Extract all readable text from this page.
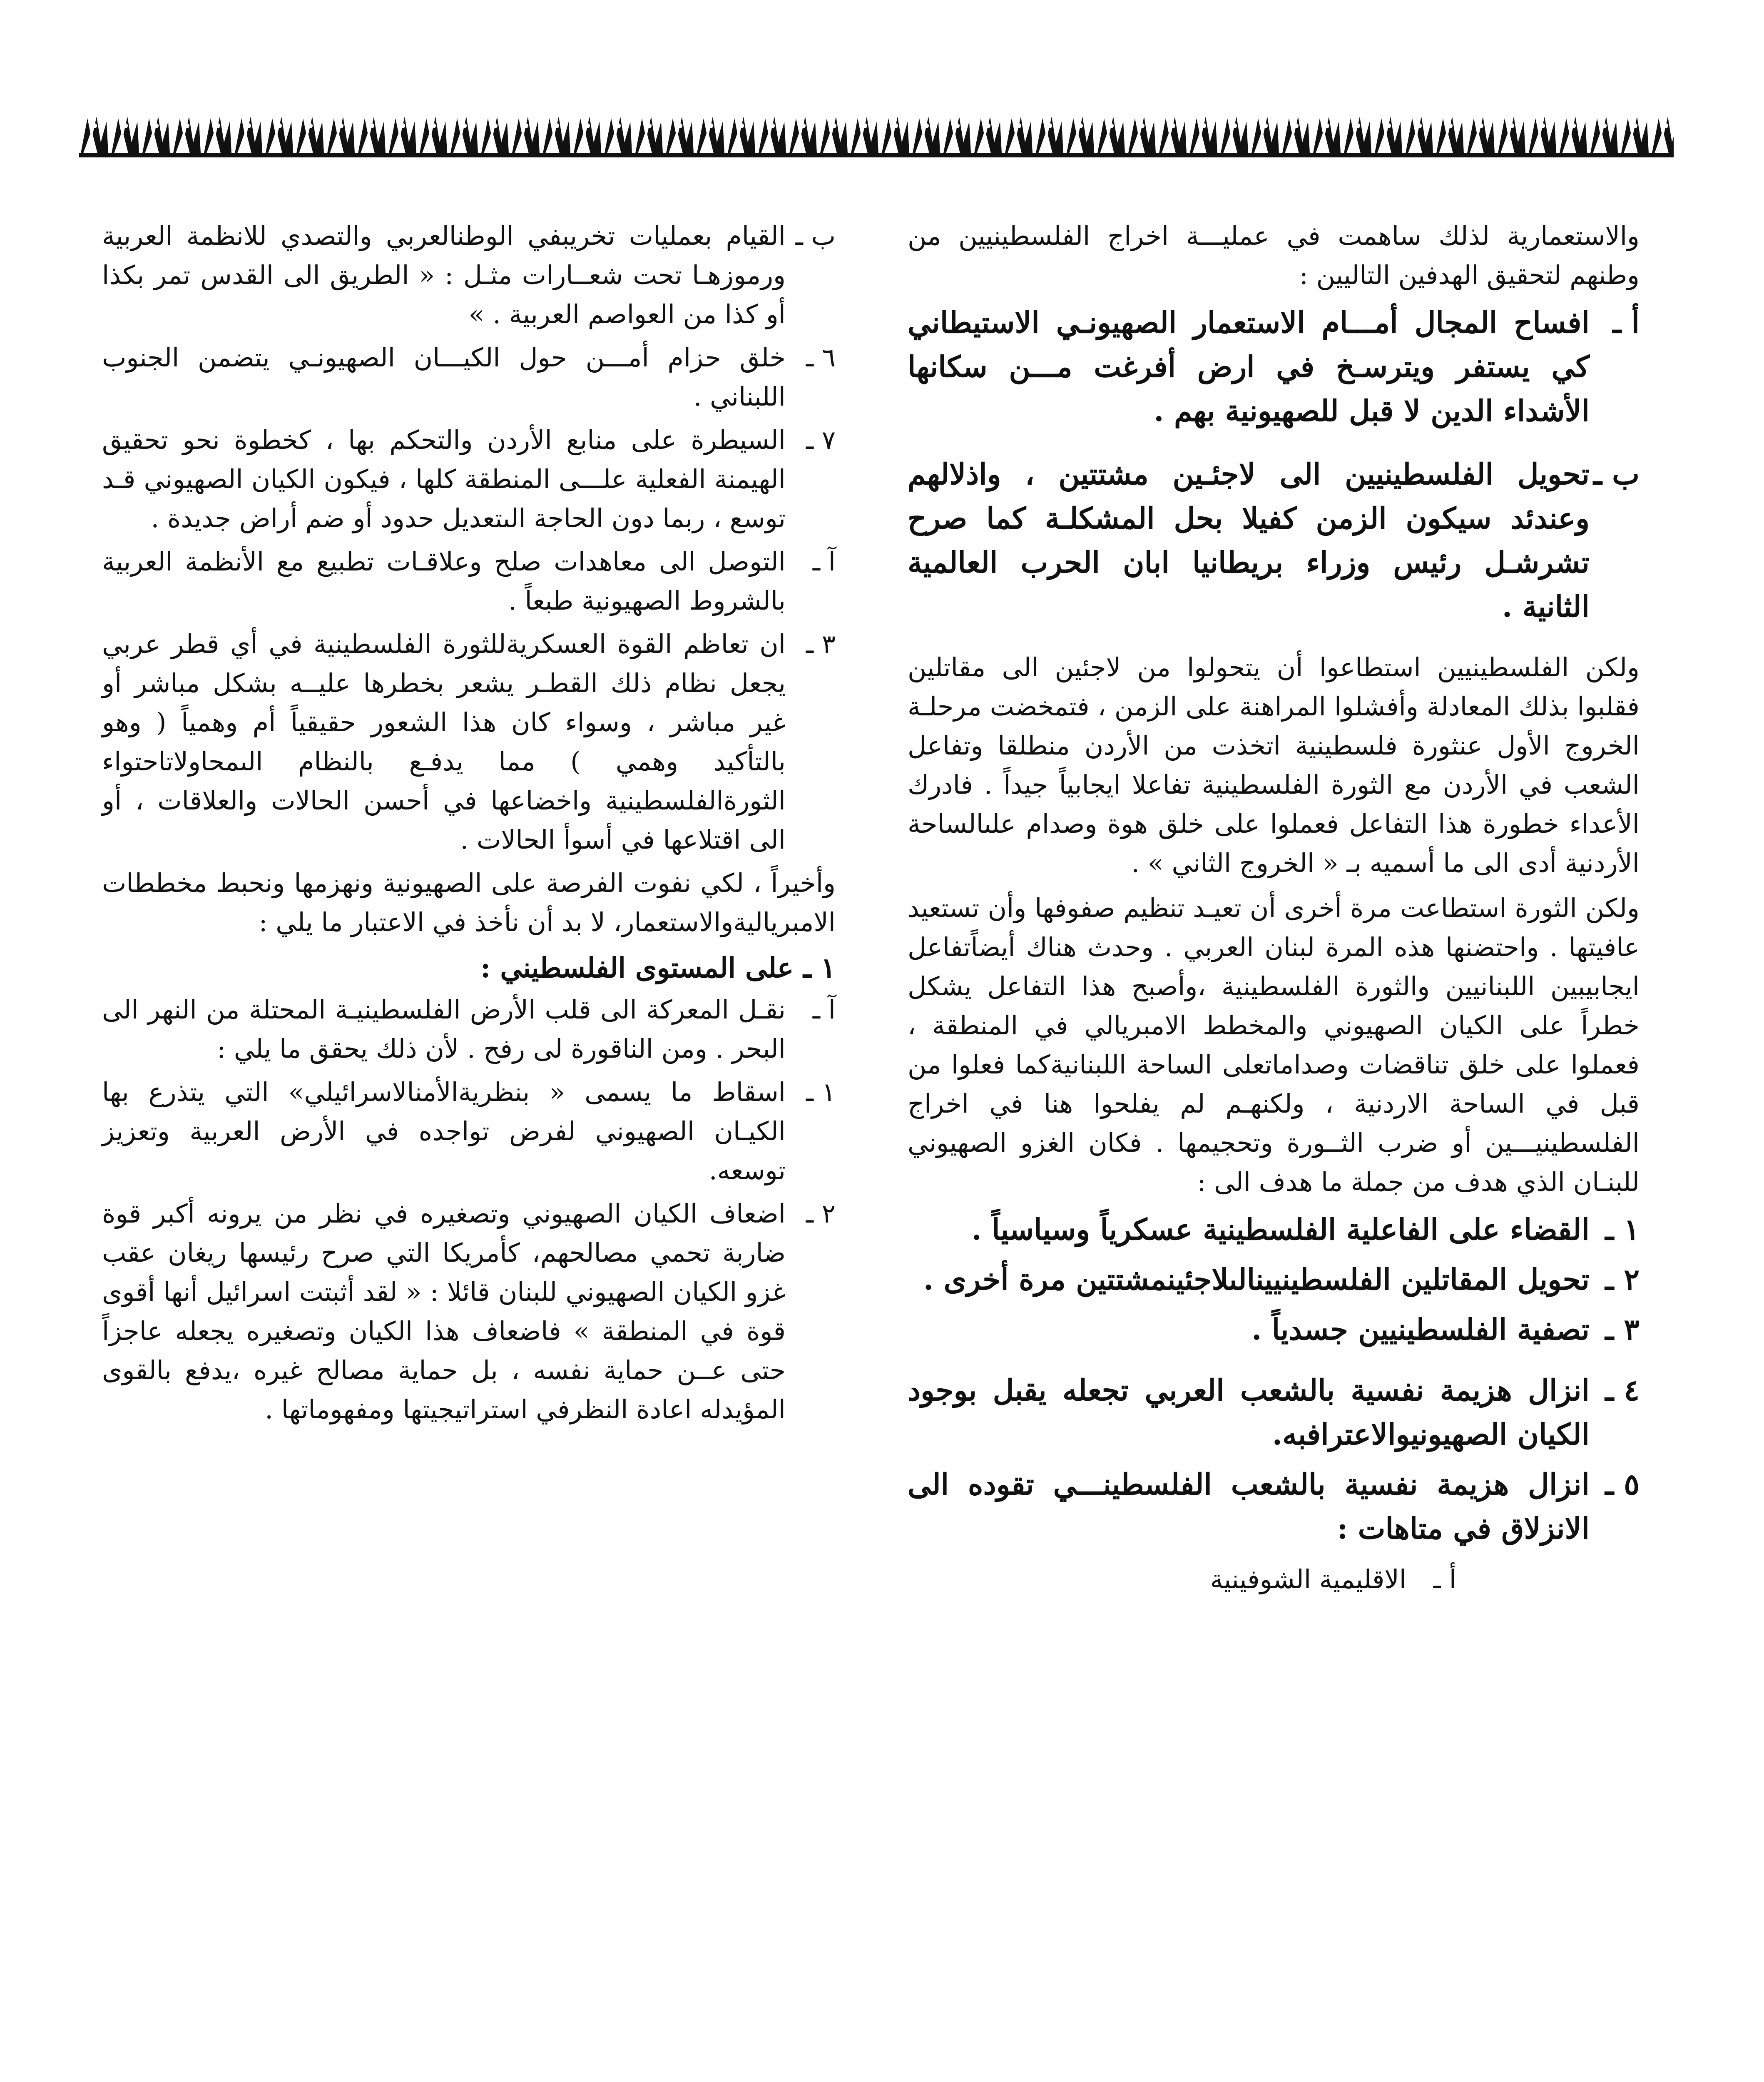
والاستعمارية لذلك ساهمت في عمليـــة اخراج الفلسطينيين من وطنهم لتحقيق الهدفين التاليين :

أ ـ
افساح المجال أمـــام الاستعمار الصهيونـي الاستيطاني كي يستفر ويترسـخ في ارض أفرغت مـــن سكانها الأشداء الدين لا قبل للصهيونية بهم .
ب ـ
تحويل الفلسطينيين الى لاجئـين مشتتين ، واذلالهم وعندئد سيكون الزمن كفيلا بحل المشكلـة كما صرح تشرشـل رئيس وزراء بريطانيا ابان الحرب العالمية الثانية .

ولكن الفلسطينيين استطاعوا أن يتحولوا من لاجئين الى مقاتلين فقلبوا بذلك المعادلة وأفشلوا المراهنة على الزمن ، فتمخضت مرحلـة الخروج الأول عنثورة فلسطينية اتخذت من الأردن منطلقا وتفاعل الشعب في الأردن مع الثورة الفلسطينية تفاعلا ايجابياً جيداً . فادرك الأعداء خطورة هذا التفاعل فعملوا على خلق هوة وصدام علىالساحة الأردنية أدى الى ما أسميه بـ « الخروج الثاني » .

ولكن الثورة استطاعت مرة أخرى أن تعيـد تنظيم صفوفها وأن تستعيد عافيتها . واحتضنها هذه المرة لبنان العربي . وحدث هناك أيضاًتفاعل ايجابيبين اللبنانيين والثورة الفلسطينية ،وأصبح هذا التفاعل يشكل خطراً على الكيان الصهيوني والمخطط الامبريالي في المنطقة ، فعملوا على خلق تناقضات وصداماتعلى الساحة اللبنانيةكما فعلوا من قبل في الساحة الاردنية ، ولكنهـم لم يفلحوا هنا في اخراج الفلسطينيـــين أو ضرب الثــورة وتحجيمها . فكان الغزو الصهيوني للبنـان الذي هدف من جملة ما هدف الى :

١ ـ
القضاء على الفاعلية الفلسطينية عسكرياً وسياسياً .
٢ ـ
تحويل المقاتلين الفلسطينيينالىلاجئينمشتتين مرة أخرى .
٣ ـ
تصفية الفلسطينيين جسدياً .
٤ ـ
انزال هزيمة نفسية بالشعب العربي تجعله يقبل بوجود الكيان الصهيونيوالاعترافبه.
٥ ـ
انزال هزيمة نفسية بالشعب الفلسطينـــي تقوده الى الانزلاق في متاهات :
أ ـ
الاقليمية الشوفينية
ب ـ
القيام بعمليات تخريبفي الوطنالعربي والتصدي للانظمة العربية ورموزهـا تحت شعــارات مثـل : « الطريق الى القدس تمر بكذا أو كذا من العواصم العربية . »
٦ ـ
خلق حزام أمـــن حول الكيـــان الصهيونـي يتضمن الجنوب اللبناني .
٧ ـ
السيطرة على منابع الأردن والتحكم بها ، كخطوة نحو تحقيق الهيمنة الفعلية علـــى المنطقة كلها ، فيكون الكيان الصهيوني قـد توسع ، ربما دون الحاجة الىتعديل حدود أو ضم أراض جديدة .
آ ـ
التوصل الى معاهدات صلح وعلاقـات تطبيع مع الأنظمة العربية بالشروط الصهيونية طبعاً .
٣ ـ
ان تعاظم القوة العسكريةللثورة الفلسطينية في أي قطر عربي يجعل نظام ذلك القطـر يشعر بخطرها عليــه بشكل مباشر أو غير مباشر ، وسواء كان هذا الشعور حقيقياً أم وهمياً ( وهو بالتأكيد وهمي ) مما يدفـع بالنظام الىمحاولاتاحتواء الثورةالفلسطينية واخضاعها في أحسن الحالات والعلاقات ، أو الى اقتلاعها في أسوأ الحالات .

وأخيراً ، لكي نفوت الفرصة على الصهيونية ونهزمها ونحبط مخططات الامبرياليةوالاستعمار، لا بد أن نأخذ في الاعتبار ما يلي :

١ ـ على المستوى الفلسطيني :

آ ـ
نقـل المعركة الى قلب الأرض الفلسطينيـة المحتلة من النهر الى البحر . ومن الناقورة لى رفح . لأن ذلك يحقق ما يلي :
١ ـ
اسقاط ما يسمى « بنظريةالأمنالاسرائيلي» التي يتذرع بها الكيـان الصهيوني لفرض تواجده في الأرض العربية وتعزيز توسعه.
٢ ـ
اضعاف الكيان الصهيوني وتصغيره في نظر من يرونه أكبر قوة ضاربة تحمي مصالحهم، كأمريكا التي صرح رئيسها ريغان عقب غزو الكيان الصهيوني للبنان قائلا : « لقد أثبتت اسرائيل أنها أقوى قوة في المنطقة » فاضعاف هذا الكيان وتصغيره يجعله عاجزاً حتى عــن حماية نفسه ، بل حماية مصالح غيره ،يدفع بالقوى المؤيدله اعادة النظرفي استراتيجيتها ومفهوماتها .
